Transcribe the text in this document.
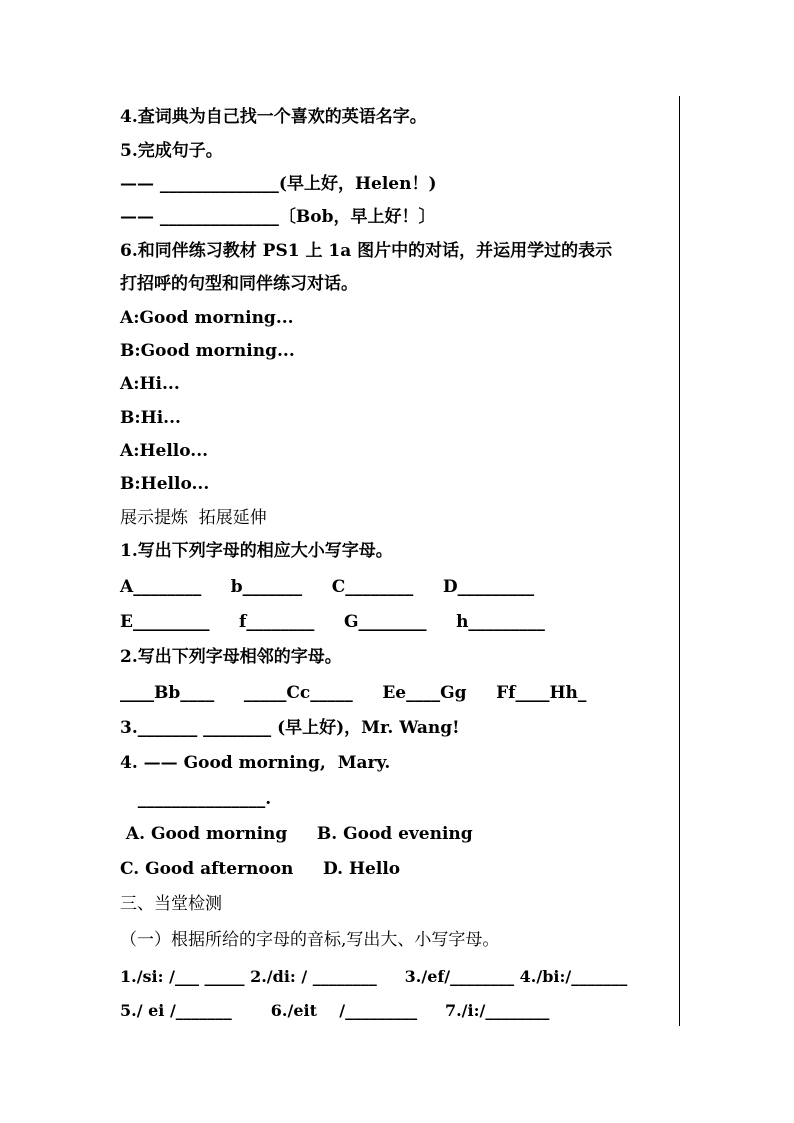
4.查词典为自己找一个喜欢的英语名字。
5.完成句子。
—— ______________(早上好，Helen！)
—— ______________〔Bob，早上好！〕
6.和同伴练习教材 PS1 上 1a 图片中的对话，并运用学过的表示
打招呼的句型和同伴练习对话。
A:Good morning...
B:Good morning...
A:Hi...
B:Hi...
A:Hello...
B:Hello...
展示提炼  拓展延伸
1.写出下列字母的相应大小写字母。
A________     b_______     C________     D_________
E_________     f________     G________     h_________
2.写出下列字母相邻的字母。
____Bb____     _____Cc_____     Ee____Gg     Ff____Hh_
3._______ ________ (早上好)，Mr. Wang!
4. —— Good morning,  Mary.
_______________.
A. Good morning     B. Good evening
C. Good afternoon     D. Hello
三、当堂检测
（一）根据所给的字母的音标,写出大、小写字母。
1./si: /___ _____ 2./di: / ________     3./ef/________ 4./bi:/_______
5./ ei /_______       6./eit    /_________     7./i:/________
